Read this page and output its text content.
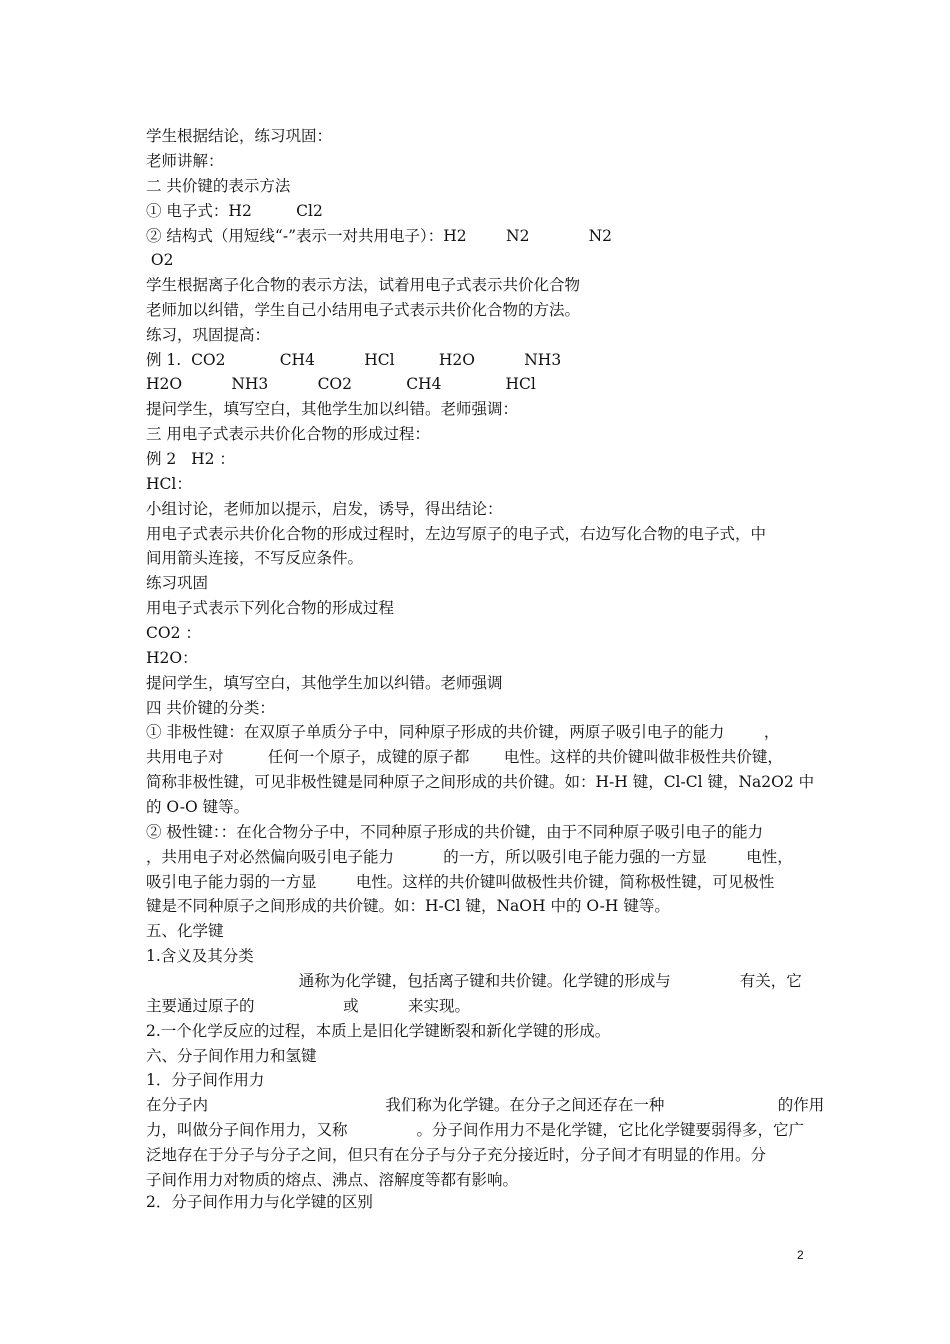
学生根据结论，练习巩固：
老师讲解：
二 共价键的表示方法
① 电子式：H2         Cl2
② 结构式（用短线“-”表示一对共用电子）：H2        N2            N2
O2
学生根据离子化合物的表示方法，试着用电子式表示共价化合物
老师加以纠错，学生自己小结用电子式表示共价化合物的方法。
练习，巩固提高：
例 1.  CO2           CH4          HCl         H2O          NH3
H2O          NH3          CO2           CH4             HCl
提问学生，填写空白，其他学生加以纠错。老师强调：
三 用电子式表示共价化合物的形成过程：
例 2   H2 ：
HCl：
小组讨论，老师加以提示，启发，诱导，得出结论：
用电子式表示共价化合物的形成过程时，左边写原子的电子式，右边写化合物的电子式，中
间用箭头连接，不写反应条件。
练习巩固
用电子式表示下列化合物的形成过程
CO2 ：
H2O：
提问学生，填写空白，其他学生加以纠错。老师强调
四 共价键的分类：
① 非极性键：在双原子单质分子中，同种原子形成的共价键，两原子吸引电子的能力        ，
共用电子对         任何一个原子，成键的原子都       电性。这样的共价键叫做非极性共价键，
简称非极性键，可见非极性键是同种原子之间形成的共价键。如：H-H 键，Cl-Cl 键，Na2O2 中
的 O-O 键等。
② 极性键：：在化合物分子中，不同种原子形成的共价键，由于不同种原子吸引电子的能力
，共用电子对必然偏向吸引电子能力          的一方，所以吸引电子能力强的一方显        电性，
吸引电子能力弱的一方显        电性。这样的共价键叫做极性共价键，简称极性键，可见极性
键是不同种原子之间形成的共价键。如：H-Cl 键，NaOH 中的 O-H 键等。
五、化学键
1.含义及其分类
通称为化学键，包括离子键和共价键。化学键的形成与              有关，它
主要通过原子的                  或          来实现。
2.一个化学反应的过程，本质上是旧化学键断裂和新化学键的形成。
六、分子间作用力和氢键
1．分子间作用力
在分子内                                    我们称为化学键。在分子之间还存在一种                       的作用
力，叫做分子间作用力，又称              。分子间作用力不是化学键，它比化学键要弱得多，它广
泛地存在于分子与分子之间，但只有在分子与分子充分接近时，分子间才有明显的作用。分
子间作用力对物质的熔点、沸点、溶解度等都有影响。
2．分子间作用力与化学键的区别
2
